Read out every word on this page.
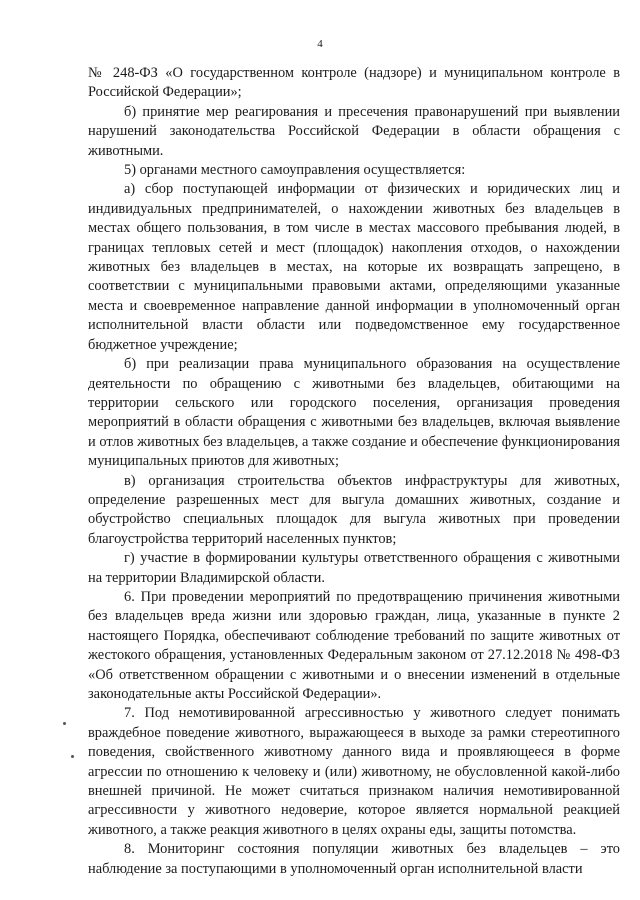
4

№ 248-ФЗ «О государственном контроле (надзоре) и муниципальном контроле в Российской Федерации»;

б) принятие мер реагирования и пресечения правонарушений при выявлении нарушений законодательства Российской Федерации в области обращения с животными.

5) органами местного самоуправления осуществляется:

а) сбор поступающей информации от физических и юридических лиц и индивидуальных предпринимателей, о нахождении животных без владельцев в местах общего пользования, в том числе в местах массового пребывания людей, в границах тепловых сетей и мест (площадок) накопления отходов, о нахождении животных без владельцев в местах, на которые их возвращать запрещено, в соответствии с муниципальными правовыми актами, определяющими указанные места и своевременное направление данной информации в уполномоченный орган исполнительной власти области или подведомственное ему государственное бюджетное учреждение;

б) при реализации права муниципального образования на осуществление деятельности по обращению с животными без владельцев, обитающими на территории сельского или городского поселения, организация проведения мероприятий в области обращения с животными без владельцев, включая выявление и отлов животных без владельцев, а также создание и обеспечение функционирования муниципальных приютов для животных;

в) организация строительства объектов инфраструктуры для животных, определение разрешенных мест для выгула домашних животных, создание и обустройство специальных площадок для выгула животных при проведении благоустройства территорий населенных пунктов;

г) участие в формировании культуры ответственного обращения с животными на территории Владимирской области.

6. При проведении мероприятий по предотвращению причинения животными без владельцев вреда жизни или здоровью граждан, лица, указанные в пункте 2 настоящего Порядка, обеспечивают соблюдение требований по защите животных от жестокого обращения, установленных Федеральным законом от 27.12.2018 № 498-ФЗ «Об ответственном обращении с животными и о внесении изменений в отдельные законодательные акты Российской Федерации».

7. Под немотивированной агрессивностью у животного следует понимать враждебное поведение животного, выражающееся в выходе за рамки стереотипного поведения, свойственного животному данного вида и проявляющееся в форме агрессии по отношению к человеку и (или) животному, не обусловленной какой-либо внешней причиной. Не может считаться признаком наличия немотивированной агрессивности у животного недоверие, которое является нормальной реакцией животного, а также реакция животного в целях охраны еды, защиты потомства.

8. Мониторинг состояния популяции животных без владельцев – это наблюдение за поступающими в уполномоченный орган исполнительной власти
